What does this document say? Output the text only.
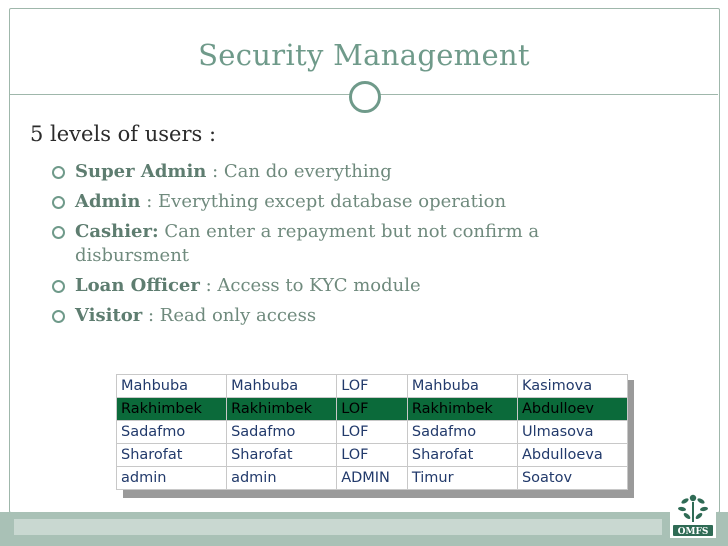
Security Management
5 levels of users :
Super Admin : Can do everything
Admin : Everything except database operation
Cashier: Can enter a repayment but not confirm a disbursment
Loan Officer : Access to KYC module
Visitor : Read only access
Mahbuba	Mahbuba	LOF	Mahbuba	Kasimova
Rakhimbek	Rakhimbek	LOF	Rakhimbek	Abdulloev
Sadafmo	Sadafmo	LOF	Sadafmo	Ulmasova
Sharofat	Sharofat	LOF	Sharofat	Abdulloeva
admin	admin	ADMIN	Timur	Soatov
OMFS
